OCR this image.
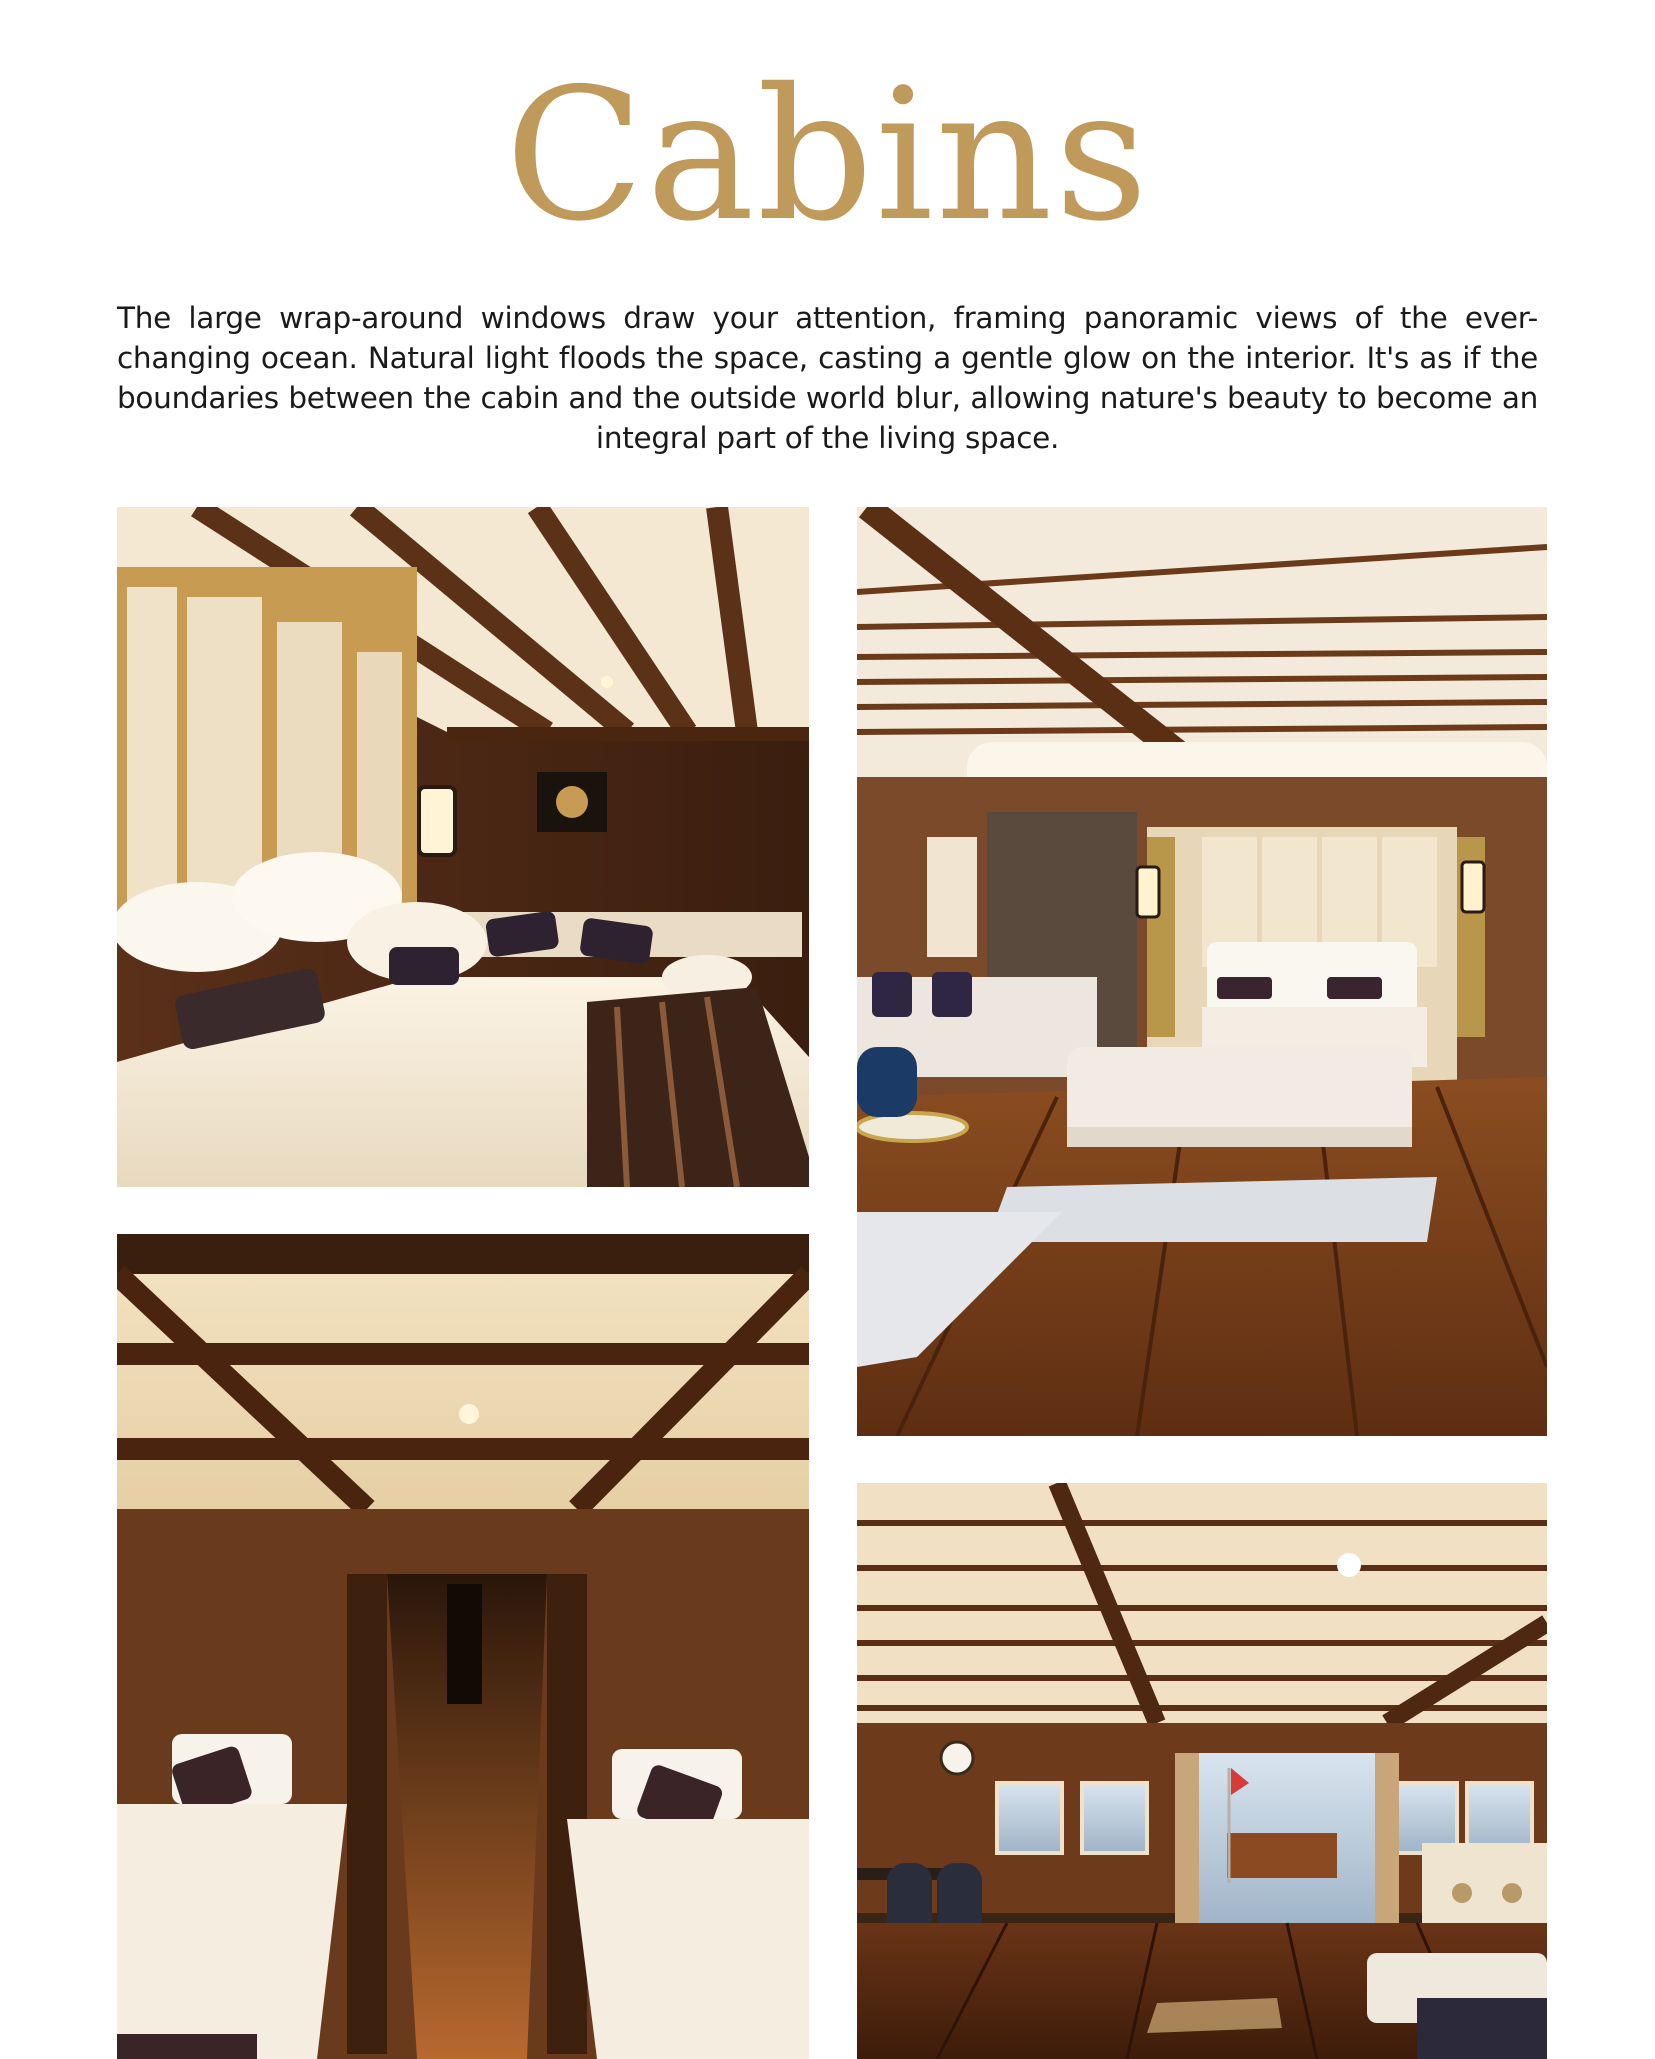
Cabins
The large wrap-around windows draw your attention, framing panoramic views of the ever-changing ocean. Natural light floods the space, casting a gentle glow on the interior. It's as if the boundaries between the cabin and the outside world blur, allowing nature's beauty to become an integral part of the living space.
